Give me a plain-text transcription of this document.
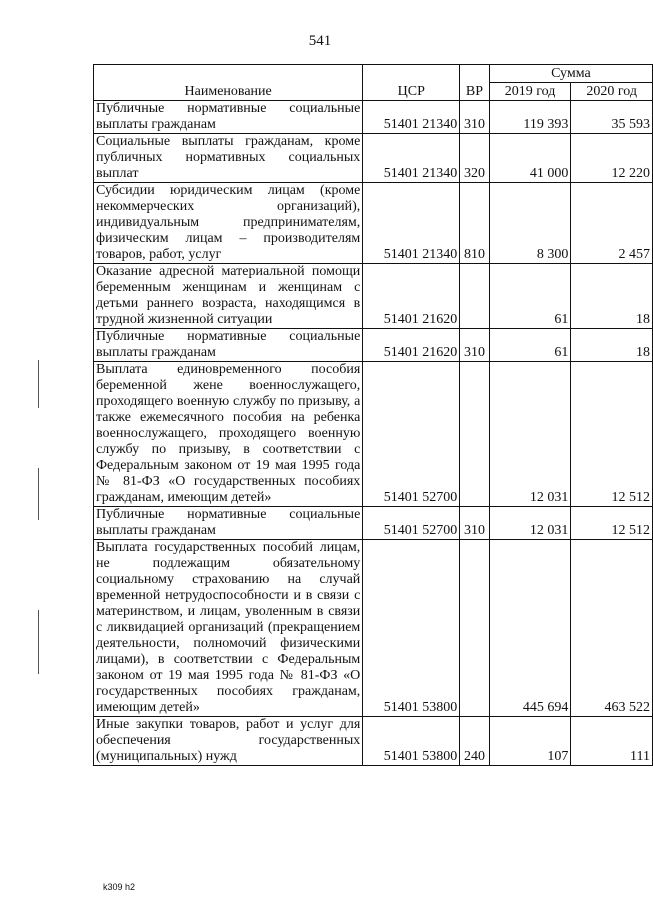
541
Наименование	ЦСР	ВР	Сумма	
			2019 год	2020 год
Публичные нормативные социальные выплаты гражданам	51401 21340	310	119 393	35 593
Социальные выплаты гражданам, кроме публичных нормативных социальных выплат	51401 21340	320	41 000	12 220
Субсидии юридическим лицам (кроме некоммерческих организаций), индивидуальным предпринимателям, физическим лицам – производителям товаров, работ, услуг	51401 21340	810	8 300	2 457
Оказание адресной материальной помощи беременным женщинам и женщинам с детьми раннего возраста, находящимся в трудной жизненной ситуации	51401 21620		61	18
Публичные нормативные социальные выплаты гражданам	51401 21620	310	61	18
Выплата единовременного пособия беременной жене военнослужащего, проходящего военную службу по призыву, а также ежемесячного пособия на ребенка военнослужащего, проходящего военную службу по призыву, в соответствии с Федеральным законом от 19 мая 1995 года № 81-ФЗ «О государственных пособиях гражданам, имеющим детей»	51401 52700		12 031	12 512
Публичные нормативные социальные выплаты гражданам	51401 52700	310	12 031	12 512
Выплата государственных пособий лицам, не подлежащим обязательному социальному страхованию на случай временной нетрудоспособности и в связи с материнством, и лицам, уволенным в связи с ликвидацией организаций (прекращением деятельности, полномочий физическими лицами), в соответствии с Федеральным законом от 19 мая 1995 года № 81-ФЗ «О государственных пособиях гражданам, имеющим детей»	51401 53800		445 694	463 522
Иные закупки товаров, работ и услуг для обеспечения государственных (муниципальных) нужд	51401 53800	240	107	111
k309 h2
